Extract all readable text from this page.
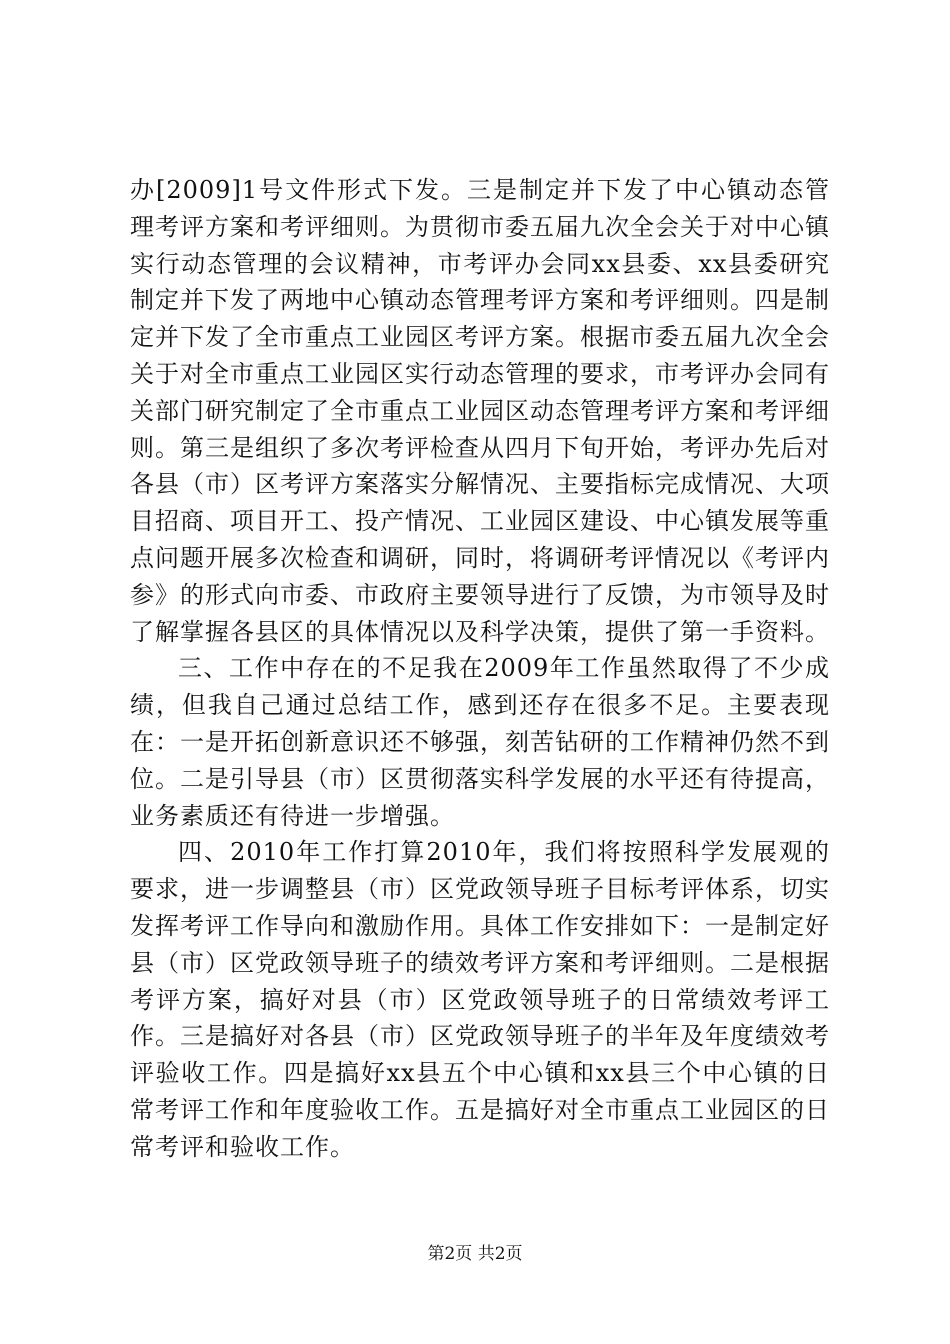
办[2009]1号文件形式下发。三是制定并下发了中心镇动态管理考评方案和考评细则。为贯彻市委五届九次全会关于对中心镇实行动态管理的会议精神，市考评办会同xx县委、xx县委研究制定并下发了两地中心镇动态管理考评方案和考评细则。四是制定并下发了全市重点工业园区考评方案。根据市委五届九次全会关于对全市重点工业园区实行动态管理的要求，市考评办会同有关部门研究制定了全市重点工业园区动态管理考评方案和考评细则。第三是组织了多次考评检查从四月下旬开始，考评办先后对各县（市）区考评方案落实分解情况、主要指标完成情况、大项目招商、项目开工、投产情况、工业园区建设、中心镇发展等重点问题开展多次检查和调研，同时，将调研考评情况以《考评内参》的形式向市委、市政府主要领导进行了反馈，为市领导及时了解掌握各县区的具体情况以及科学决策，提供了第一手资料。

三、工作中存在的不足我在2009年工作虽然取得了不少成绩，但我自己通过总结工作，感到还存在很多不足。主要表现在：一是开拓创新意识还不够强，刻苦钻研的工作精神仍然不到位。二是引导县（市）区贯彻落实科学发展的水平还有待提高，业务素质还有待进一步增强。

四、2010年工作打算2010年，我们将按照科学发展观的要求，进一步调整县（市）区党政领导班子目标考评体系，切实发挥考评工作导向和激励作用。具体工作安排如下：一是制定好县（市）区党政领导班子的绩效考评方案和考评细则。二是根据考评方案，搞好对县（市）区党政领导班子的日常绩效考评工作。三是搞好对各县（市）区党政领导班子的半年及年度绩效考评验收工作。四是搞好xx县五个中心镇和xx县三个中心镇的日常考评工作和年度验收工作。五是搞好对全市重点工业园区的日常考评和验收工作。

第2页 共2页
